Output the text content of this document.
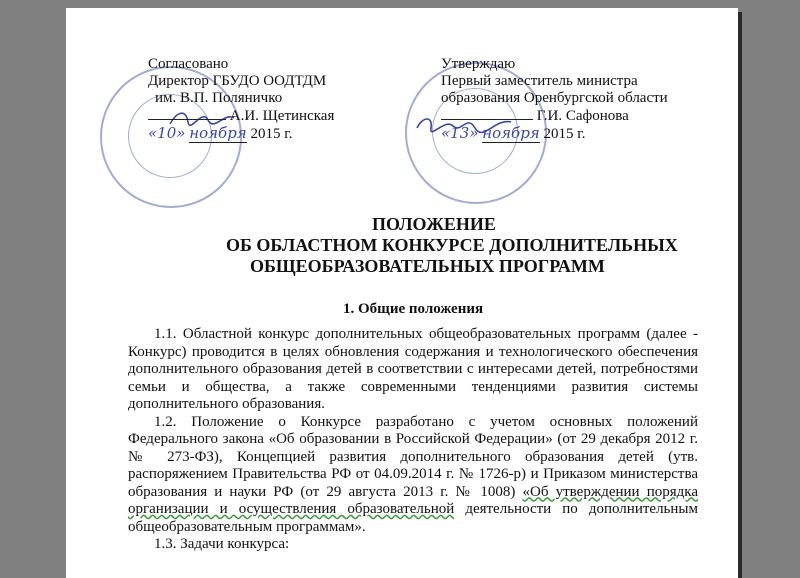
Согласовано
Директор ГБУДО ООДТДМ
им. В.П. Поляничко
А.И. Щетинская
«10» ноября 2015 г.
Утверждаю
Первый заместитель министра
образования Оренбургской области
Г.И. Сафонова
«13» ноября 2015 г.
ПОЛОЖЕНИЕ
ОБ ОБЛАСТНОМ КОНКУРСЕ ДОПОЛНИТЕЛЬНЫХ
ОБЩЕОБРАЗОВАТЕЛЬНЫХ ПРОГРАММ
1. Общие положения

1.1. Областной конкурс дополнительных общеобразовательных программ (далее - Конкурс) проводится в целях обновления содержания и технологического обеспечения дополнительного образования детей в соответствии с интересами детей, потребностями семьи и общества, а также современными тенденциями развития системы дополнительного образования.

1.2. Положение о Конкурсе разработано с учетом основных положений Федерального закона «Об образовании в Российской Федерации» (от 29 декабря 2012 г. № 273-ФЗ), Концепцией развития дополнительного образования детей (утв. распоряжением Правительства РФ от 04.09.2014 г. № 1726-р) и Приказом министерства образования и науки РФ (от 29 августа 2013 г. № 1008) «Об утверждении порядка организации и осуществления образовательной деятельности по дополнительным общеобразовательным программам».

1.3. Задачи конкурса:
